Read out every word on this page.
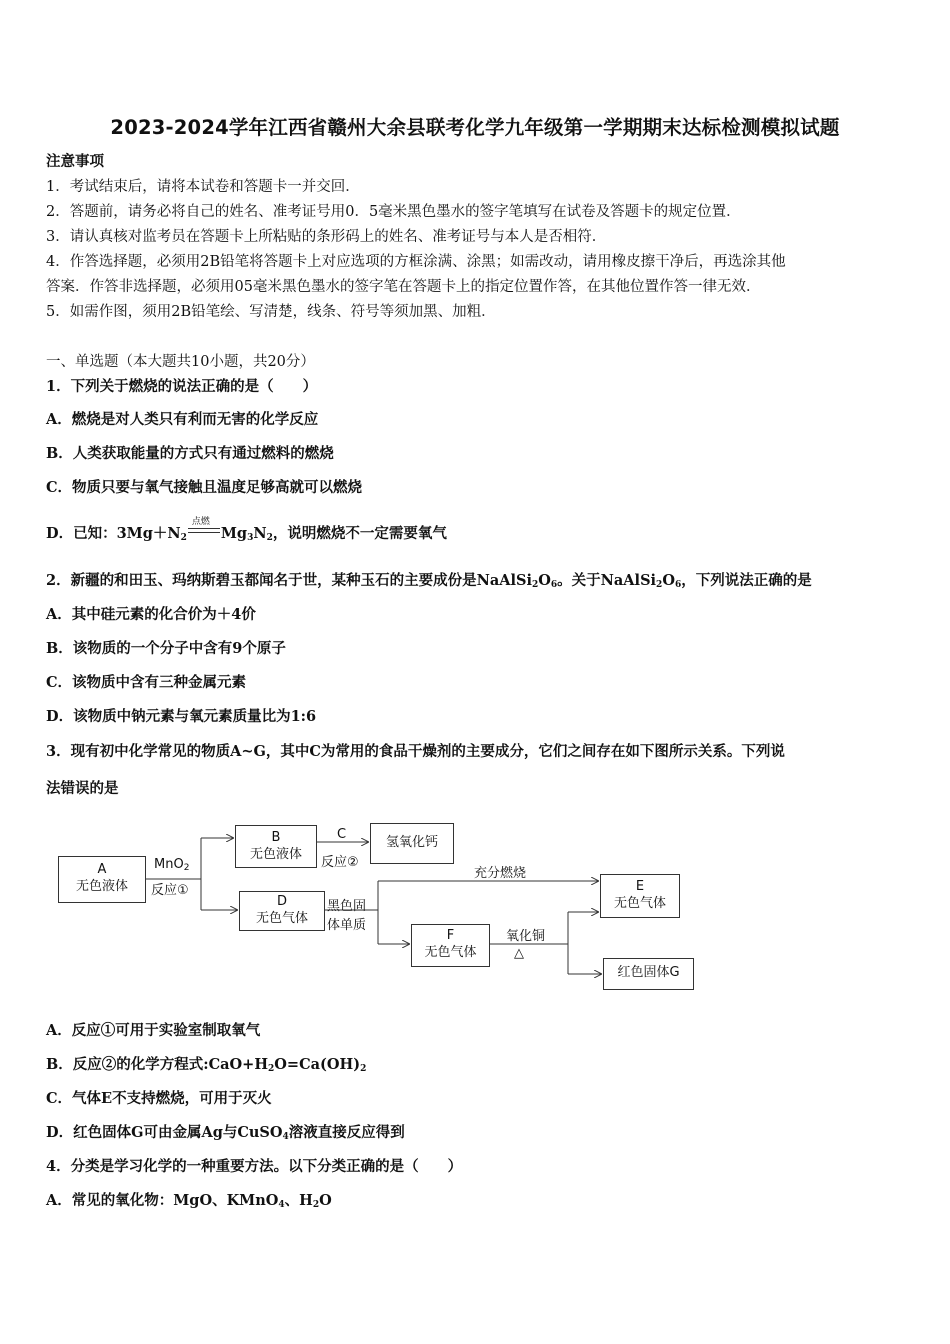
2023-2024学年江西省赣州大余县联考化学九年级第一学期期末达标检测模拟试题
注意事项
1．考试结束后，请将本试卷和答题卡一并交回．
2．答题前，请务必将自己的姓名、准考证号用0．5毫米黑色墨水的签字笔填写在试卷及答题卡的规定位置．
3．请认真核对监考员在答题卡上所粘贴的条形码上的姓名、准考证号与本人是否相符．
4．作答选择题，必须用2B铅笔将答题卡上对应选项的方框涂满、涂黑；如需改动，请用橡皮擦干净后，再选涂其他
答案．作答非选择题，必须用05毫米黑色墨水的签字笔在答题卡上的指定位置作答，在其他位置作答一律无效．
5．如需作图，须用2B铅笔绘、写清楚，线条、符号等须加黑、加粗．
一、单选题（本大题共10小题，共20分）
1．下列关于燃烧的说法正确的是（　　）
A．燃烧是对人类只有利而无害的化学反应
B．人类获取能量的方式只有通过燃料的燃烧
C．物质只要与氧气接触且温度足够高就可以燃烧
D．已知：$3Mg+N_2$
点燃
$Mg_3N_2$，说明燃烧不一定需要氧气
2．新疆的和田玉、玛纳斯碧玉都闻名于世，某种玉石的主要成份是$NaAlSi_2O_6$。关于$NaAlSi_2O_6$，下列说法正确的是
A．其中硅元素的化合价为＋4价
B．该物质的一个分子中含有9个原子
C．该物质中含有三种金属元素
D．该物质中钠元素与氧元素质量比为1:6
3．现有初中化学常见的物质A~G，其中C为常用的食品干燥剂的主要成分，它们之间存在如下图所示关系。下列说
法错误的是
A
无色液体
MnO$_2$
反应①
B
无色液体
C
反应②
氢氧化钙
D
无色气体
黑色固
体单质
充分燃烧
E
无色气体
F
无色气体
氧化铜
△
红色固体G
A．反应①可用于实验室制取氧气
B．反应②的化学方程式$:CaO+H_2O=Ca(OH)_2$
C．气体E不支持燃烧，可用于灭火
D．红色固体G可由金属Ag与CuSO$_4$溶液直接反应得到
4．分类是学习化学的一种重要方法。以下分类正确的是（　　）
A．常见的氧化物：MgO、KMnO$_4$、$H_2O$
